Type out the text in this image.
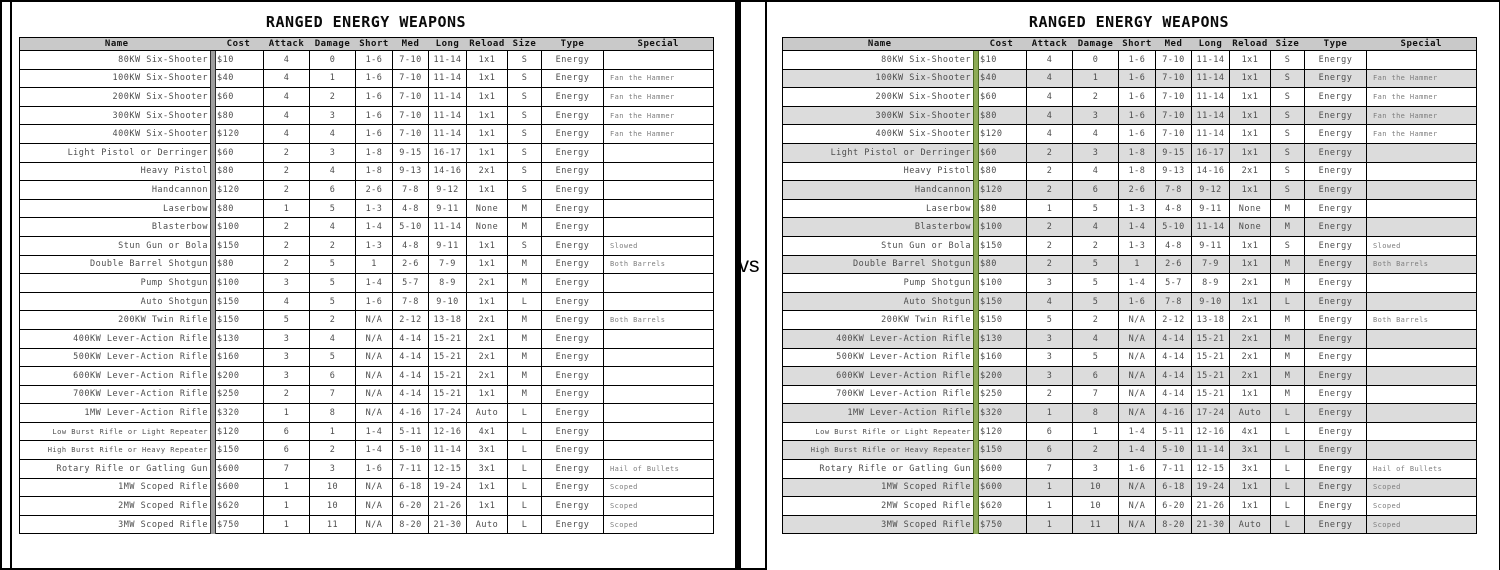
RANGED ENERGY WEAPONS
Name	Cost	Attack	Damage	Short	Med	Long	Reload	Size	Type	Special
80KW Six-Shooter	$10	4	0	1-6	7-10	11-14	1x1	S	Energy	
100KW Six-Shooter	$40	4	1	1-6	7-10	11-14	1x1	S	Energy	Fan the Hammer
200KW Six-Shooter	$60	4	2	1-6	7-10	11-14	1x1	S	Energy	Fan the Hammer
300KW Six-Shooter	$80	4	3	1-6	7-10	11-14	1x1	S	Energy	Fan the Hammer
400KW Six-Shooter	$120	4	4	1-6	7-10	11-14	1x1	S	Energy	Fan the Hammer
Light Pistol or Derringer	$60	2	3	1-8	9-15	16-17	1x1	S	Energy	
Heavy Pistol	$80	2	4	1-8	9-13	14-16	2x1	S	Energy	
Handcannon	$120	2	6	2-6	7-8	9-12	1x1	S	Energy	
Laserbow	$80	1	5	1-3	4-8	9-11	None	M	Energy	
Blasterbow	$100	2	4	1-4	5-10	11-14	None	M	Energy	
Stun Gun or Bola	$150	2	2	1-3	4-8	9-11	1x1	S	Energy	Slowed
Double Barrel Shotgun	$80	2	5	1	2-6	7-9	1x1	M	Energy	Both Barrels
Pump Shotgun	$100	3	5	1-4	5-7	8-9	2x1	M	Energy	
Auto Shotgun	$150	4	5	1-6	7-8	9-10	1x1	L	Energy	
200KW Twin Rifle	$150	5	2	N/A	2-12	13-18	2x1	M	Energy	Both Barrels
400KW Lever-Action Rifle	$130	3	4	N/A	4-14	15-21	2x1	M	Energy	
500KW Lever-Action Rifle	$160	3	5	N/A	4-14	15-21	2x1	M	Energy	
600KW Lever-Action Rifle	$200	3	6	N/A	4-14	15-21	2x1	M	Energy	
700KW Lever-Action Rifle	$250	2	7	N/A	4-14	15-21	1x1	M	Energy	
1MW Lever-Action Rifle	$320	1	8	N/A	4-16	17-24	Auto	L	Energy	
Low Burst Rifle or Light Repeater	$120	6	1	1-4	5-11	12-16	4x1	L	Energy	
High Burst Rifle or Heavy Repeater	$150	6	2	1-4	5-10	11-14	3x1	L	Energy	
Rotary Rifle or Gatling Gun	$600	7	3	1-6	7-11	12-15	3x1	L	Energy	Hail of Bullets
1MW Scoped Rifle	$600	1	10	N/A	6-18	19-24	1x1	L	Energy	Scoped
2MW Scoped Rifle	$620	1	10	N/A	6-20	21-26	1x1	L	Energy	Scoped
3MW Scoped Rifle	$750	1	11	N/A	8-20	21-30	Auto	L	Energy	Scoped
vs
RANGED ENERGY WEAPONS
Name	Cost	Attack	Damage	Short	Med	Long	Reload	Size	Type	Special
80KW Six-Shooter	$10	4	0	1-6	7-10	11-14	1x1	S	Energy	
100KW Six-Shooter	$40	4	1	1-6	7-10	11-14	1x1	S	Energy	Fan the Hammer
200KW Six-Shooter	$60	4	2	1-6	7-10	11-14	1x1	S	Energy	Fan the Hammer
300KW Six-Shooter	$80	4	3	1-6	7-10	11-14	1x1	S	Energy	Fan the Hammer
400KW Six-Shooter	$120	4	4	1-6	7-10	11-14	1x1	S	Energy	Fan the Hammer
Light Pistol or Derringer	$60	2	3	1-8	9-15	16-17	1x1	S	Energy	
Heavy Pistol	$80	2	4	1-8	9-13	14-16	2x1	S	Energy	
Handcannon	$120	2	6	2-6	7-8	9-12	1x1	S	Energy	
Laserbow	$80	1	5	1-3	4-8	9-11	None	M	Energy	
Blasterbow	$100	2	4	1-4	5-10	11-14	None	M	Energy	
Stun Gun or Bola	$150	2	2	1-3	4-8	9-11	1x1	S	Energy	Slowed
Double Barrel Shotgun	$80	2	5	1	2-6	7-9	1x1	M	Energy	Both Barrels
Pump Shotgun	$100	3	5	1-4	5-7	8-9	2x1	M	Energy	
Auto Shotgun	$150	4	5	1-6	7-8	9-10	1x1	L	Energy	
200KW Twin Rifle	$150	5	2	N/A	2-12	13-18	2x1	M	Energy	Both Barrels
400KW Lever-Action Rifle	$130	3	4	N/A	4-14	15-21	2x1	M	Energy	
500KW Lever-Action Rifle	$160	3	5	N/A	4-14	15-21	2x1	M	Energy	
600KW Lever-Action Rifle	$200	3	6	N/A	4-14	15-21	2x1	M	Energy	
700KW Lever-Action Rifle	$250	2	7	N/A	4-14	15-21	1x1	M	Energy	
1MW Lever-Action Rifle	$320	1	8	N/A	4-16	17-24	Auto	L	Energy	
Low Burst Rifle or Light Repeater	$120	6	1	1-4	5-11	12-16	4x1	L	Energy	
High Burst Rifle or Heavy Repeater	$150	6	2	1-4	5-10	11-14	3x1	L	Energy	
Rotary Rifle or Gatling Gun	$600	7	3	1-6	7-11	12-15	3x1	L	Energy	Hail of Bullets
1MW Scoped Rifle	$600	1	10	N/A	6-18	19-24	1x1	L	Energy	Scoped
2MW Scoped Rifle	$620	1	10	N/A	6-20	21-26	1x1	L	Energy	Scoped
3MW Scoped Rifle	$750	1	11	N/A	8-20	21-30	Auto	L	Energy	Scoped
